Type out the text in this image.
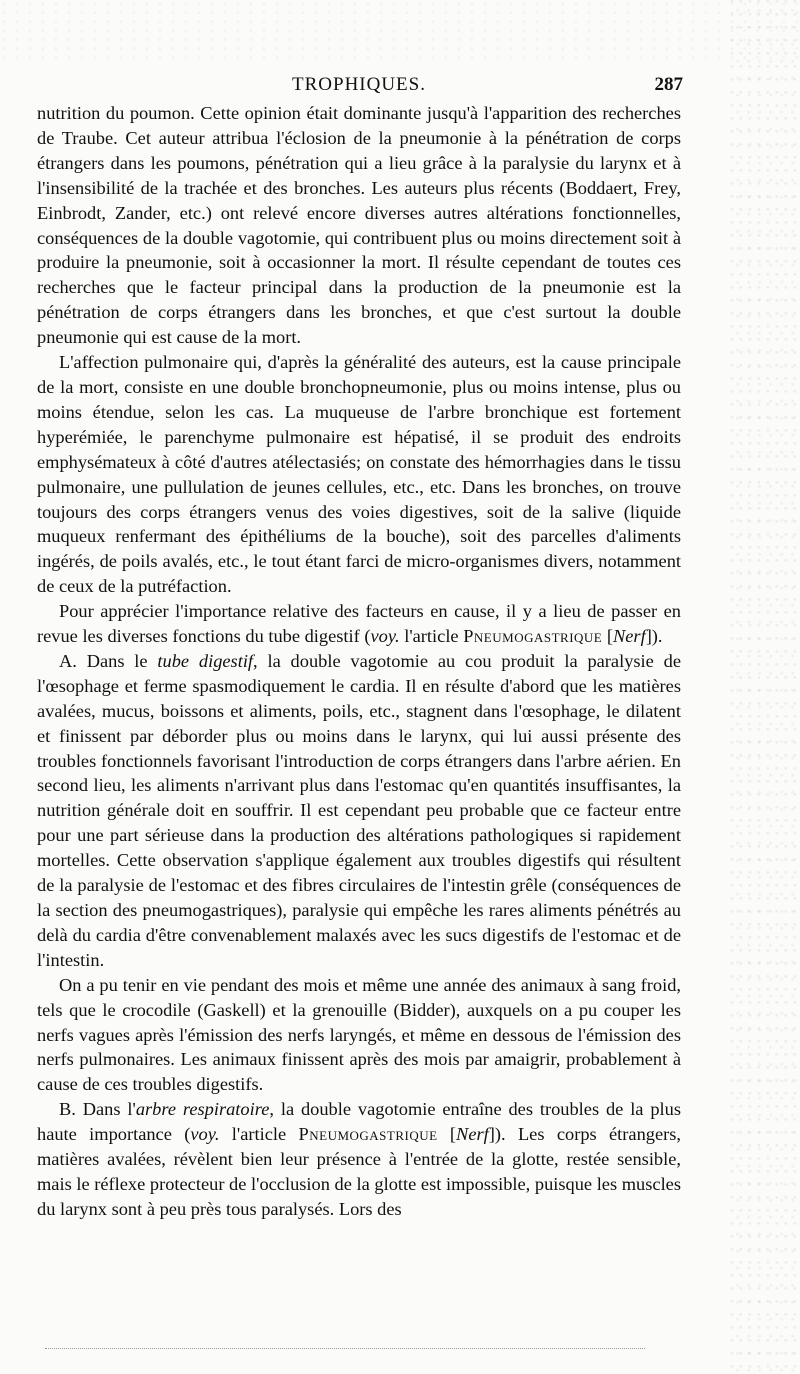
TROPHIQUES.	287

nutrition du poumon. Cette opinion était dominante jusqu'à l'apparition des recherches de Traube. Cet auteur attribua l'éclosion de la pneumonie à la pénétration de corps étrangers dans les poumons, pénétration qui a lieu grâce à la paralysie du larynx et à l'insensibilité de la trachée et des bronches. Les auteurs plus récents (Boddaert, Frey, Einbrodt, Zander, etc.) ont relevé encore diverses autres altérations fonctionnelles, conséquences de la double vagotomie, qui contribuent plus ou moins directement soit à produire la pneumonie, soit à occasionner la mort. Il résulte cependant de toutes ces recherches que le facteur principal dans la production de la pneumonie est la pénétration de corps étrangers dans les bronches, et que c'est surtout la double pneumonie qui est cause de la mort.

L'affection pulmonaire qui, d'après la généralité des auteurs, est la cause principale de la mort, consiste en une double bronchopneumonie, plus ou moins intense, plus ou moins étendue, selon les cas. La muqueuse de l'arbre bronchique est fortement hyperémiée, le parenchyme pulmonaire est hépatisé, il se produit des endroits emphysémateux à côté d'autres atélectasiés; on constate des hémorrhagies dans le tissu pulmonaire, une pullulation de jeunes cellules, etc., etc. Dans les bronches, on trouve toujours des corps étrangers venus des voies digestives, soit de la salive (liquide muqueux renfermant des épithéliums de la bouche), soit des parcelles d'aliments ingérés, de poils avalés, etc., le tout étant farci de micro-organismes divers, notamment de ceux de la putréfaction.

Pour apprécier l'importance relative des facteurs en cause, il y a lieu de passer en revue les diverses fonctions du tube digestif (voy. l'article Pneumogastrique [Nerf]).

A. Dans le tube digestif, la double vagotomie au cou produit la paralysie de l'œsophage et ferme spasmodiquement le cardia. Il en résulte d'abord que les matières avalées, mucus, boissons et aliments, poils, etc., stagnent dans l'œsophage, le dilatent et finissent par déborder plus ou moins dans le larynx, qui lui aussi présente des troubles fonctionnels favorisant l'introduction de corps étrangers dans l'arbre aérien. En second lieu, les aliments n'arrivant plus dans l'estomac qu'en quantités insuffisantes, la nutrition générale doit en souffrir. Il est cependant peu probable que ce facteur entre pour une part sérieuse dans la production des altérations pathologiques si rapidement mortelles. Cette observation s'applique également aux troubles digestifs qui résultent de la paralysie de l'estomac et des fibres circulaires de l'intestin grêle (conséquences de la section des pneumogastriques), paralysie qui empêche les rares aliments pénétrés au delà du cardia d'être convenablement malaxés avec les sucs digestifs de l'estomac et de l'intestin.

On a pu tenir en vie pendant des mois et même une année des animaux à sang froid, tels que le crocodile (Gaskell) et la grenouille (Bidder), auxquels on a pu couper les nerfs vagues après l'émission des nerfs laryngés, et même en dessous de l'émission des nerfs pulmonaires. Les animaux finissent après des mois par amaigrir, probablement à cause de ces troubles digestifs.

B. Dans l'arbre respiratoire, la double vagotomie entraîne des troubles de la plus haute importance (voy. l'article Pneumogastrique [Nerf]). Les corps étrangers, matières avalées, révèlent bien leur présence à l'entrée de la glotte, restée sensible, mais le réflexe protecteur de l'occlusion de la glotte est impossible, puisque les muscles du larynx sont à peu près tous paralysés. Lors des
